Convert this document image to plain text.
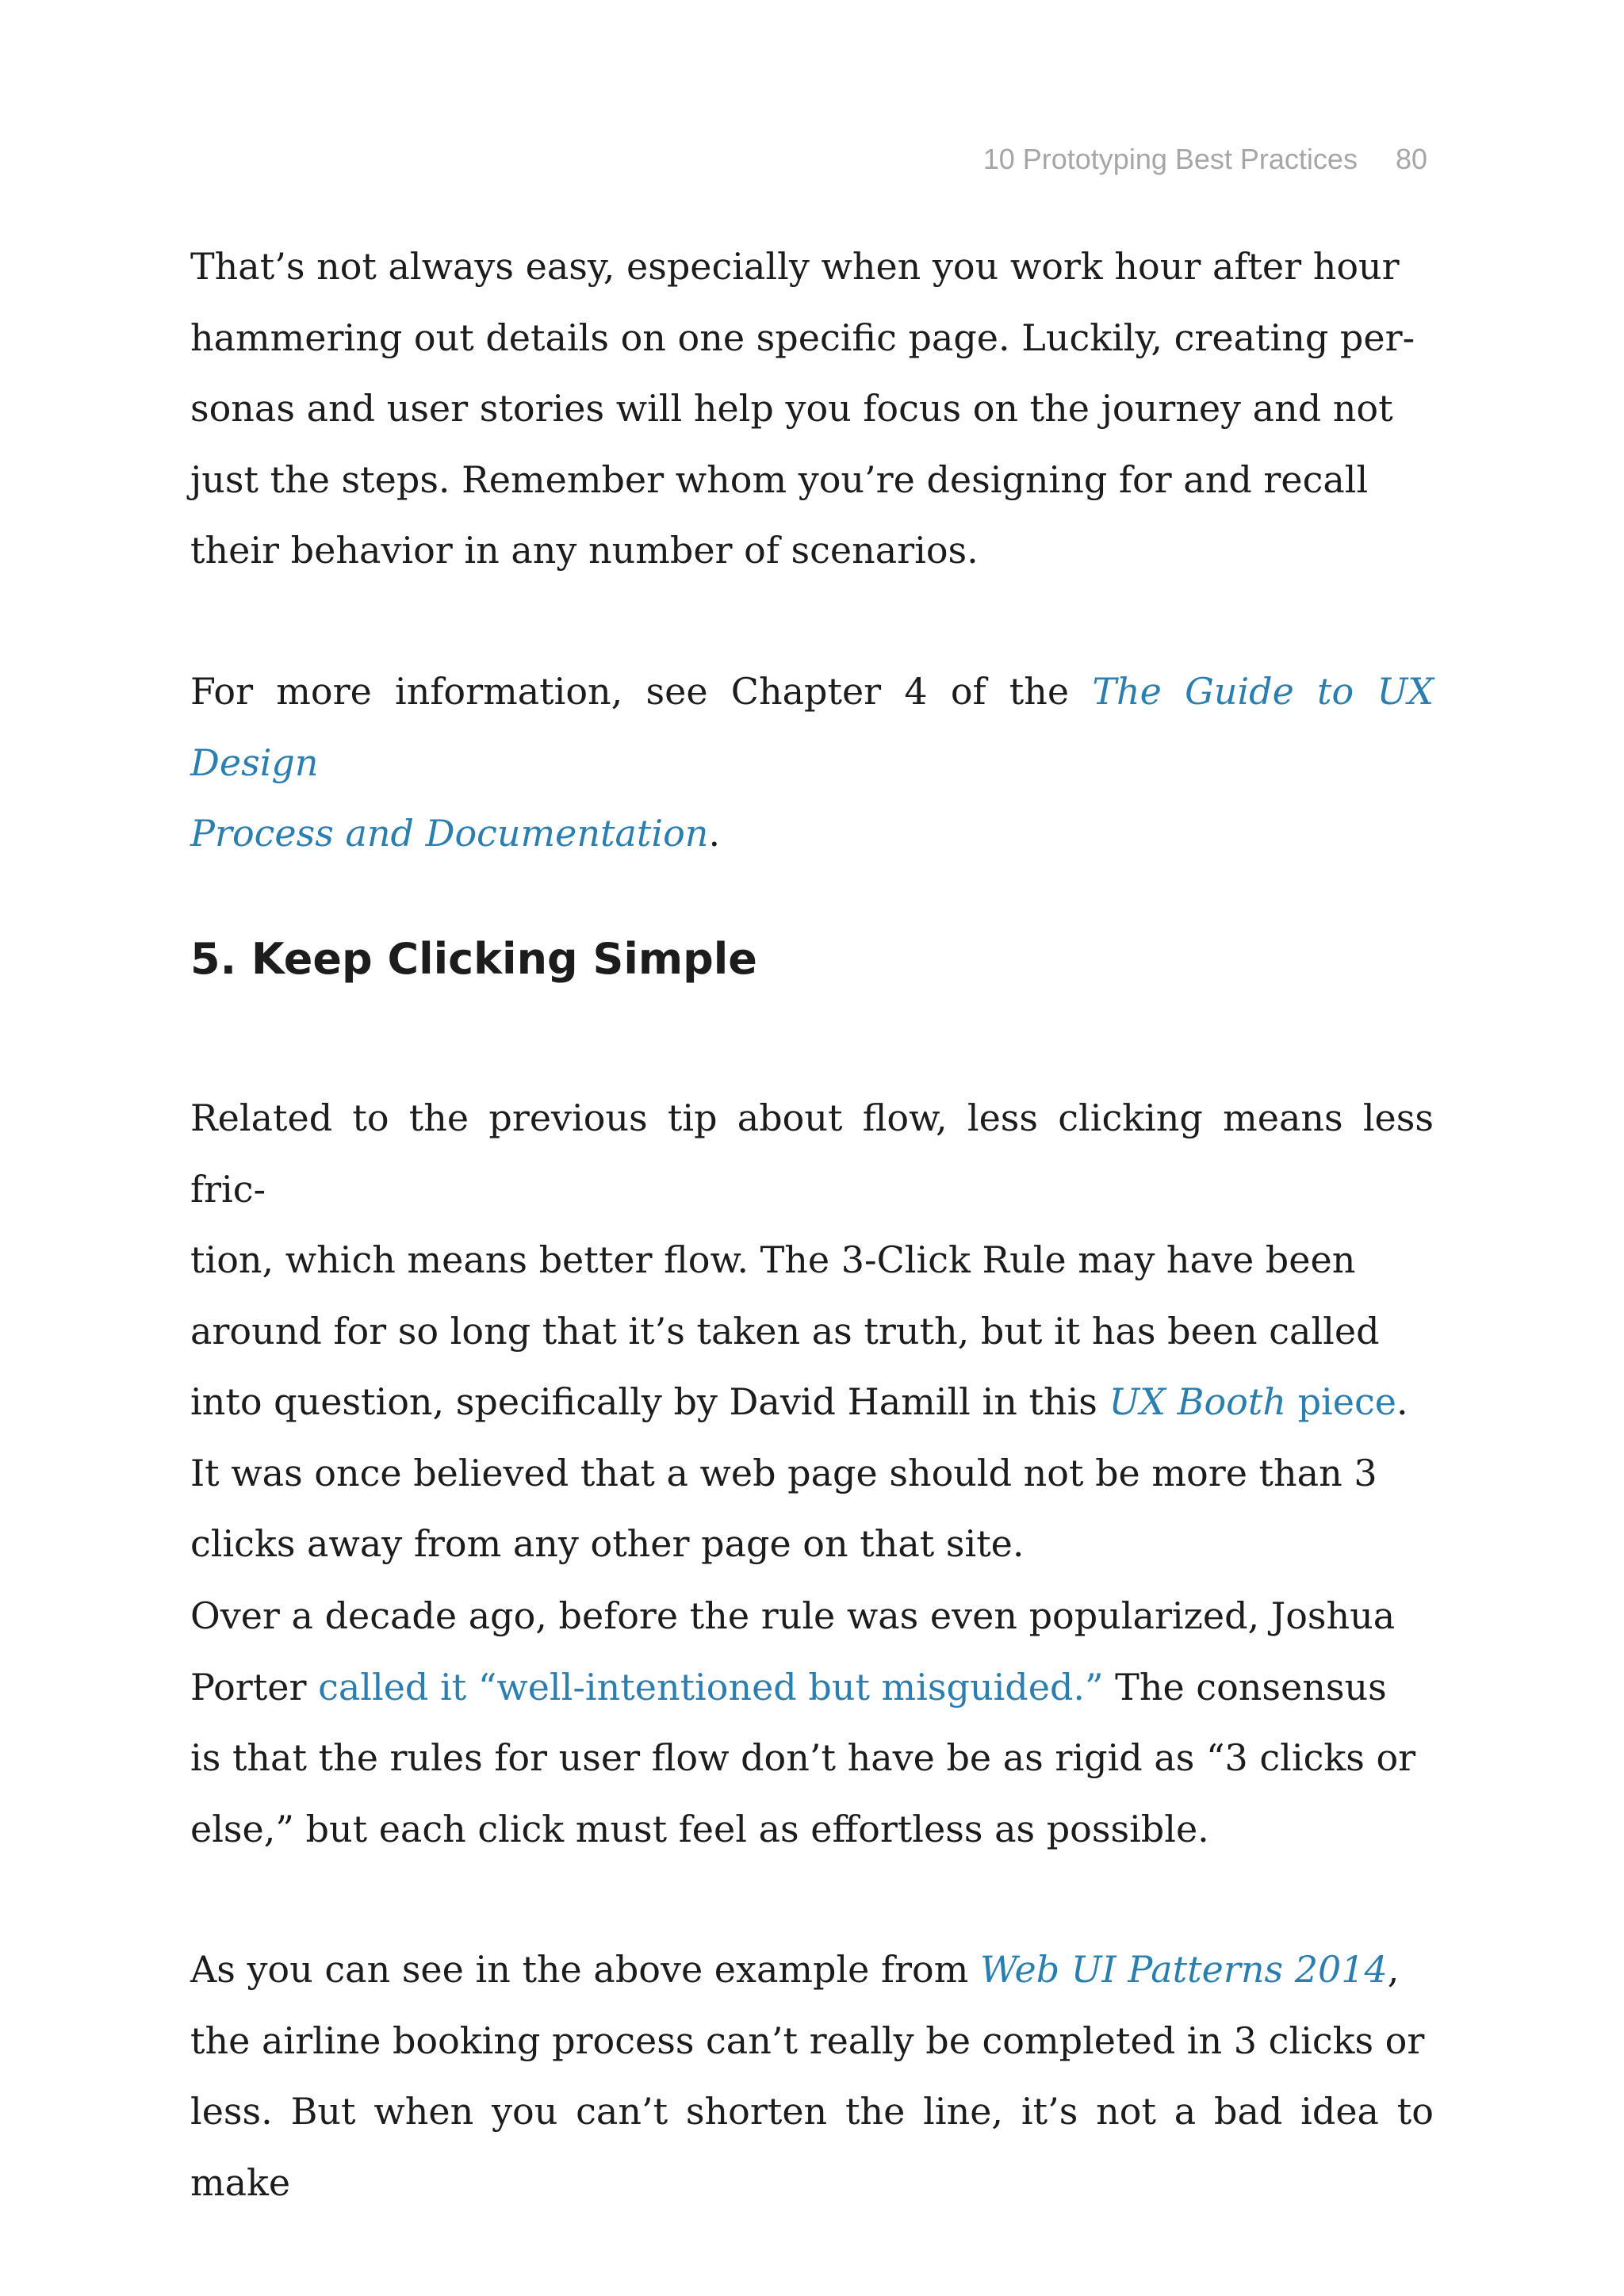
10 Prototyping Best Practices 80
That’s not always easy, especially when you work hour after hour
hammering out details on one specific page. Luckily, creating per-
sonas and user stories will help you focus on the journey and not
just the steps. Remember whom you’re designing for and recall
their behavior in any number of scenarios.
For more information, see Chapter 4 of the The Guide to UX Design
Process and Documentation.
5. Keep Clicking Simple
Related to the previous tip about flow, less clicking means less fric-
tion, which means better flow. The 3-Click Rule may have been
around for so long that it’s taken as truth, but it has been called
into question, specifically by David Hamill in this UX Booth piece.
It was once believed that a web page should not be more than 3
clicks away from any other page on that site.
Over a decade ago, before the rule was even popularized, Joshua
Porter called it “well-intentioned but misguided.” The consensus
is that the rules for user flow don’t have be as rigid as “3 clicks or
else,” but each click must feel as effortless as possible.
As you can see in the above example from Web UI Patterns 2014,
the airline booking process can’t really be completed in 3 clicks or
less. But when you can’t shorten the line, it’s not a bad idea to make
